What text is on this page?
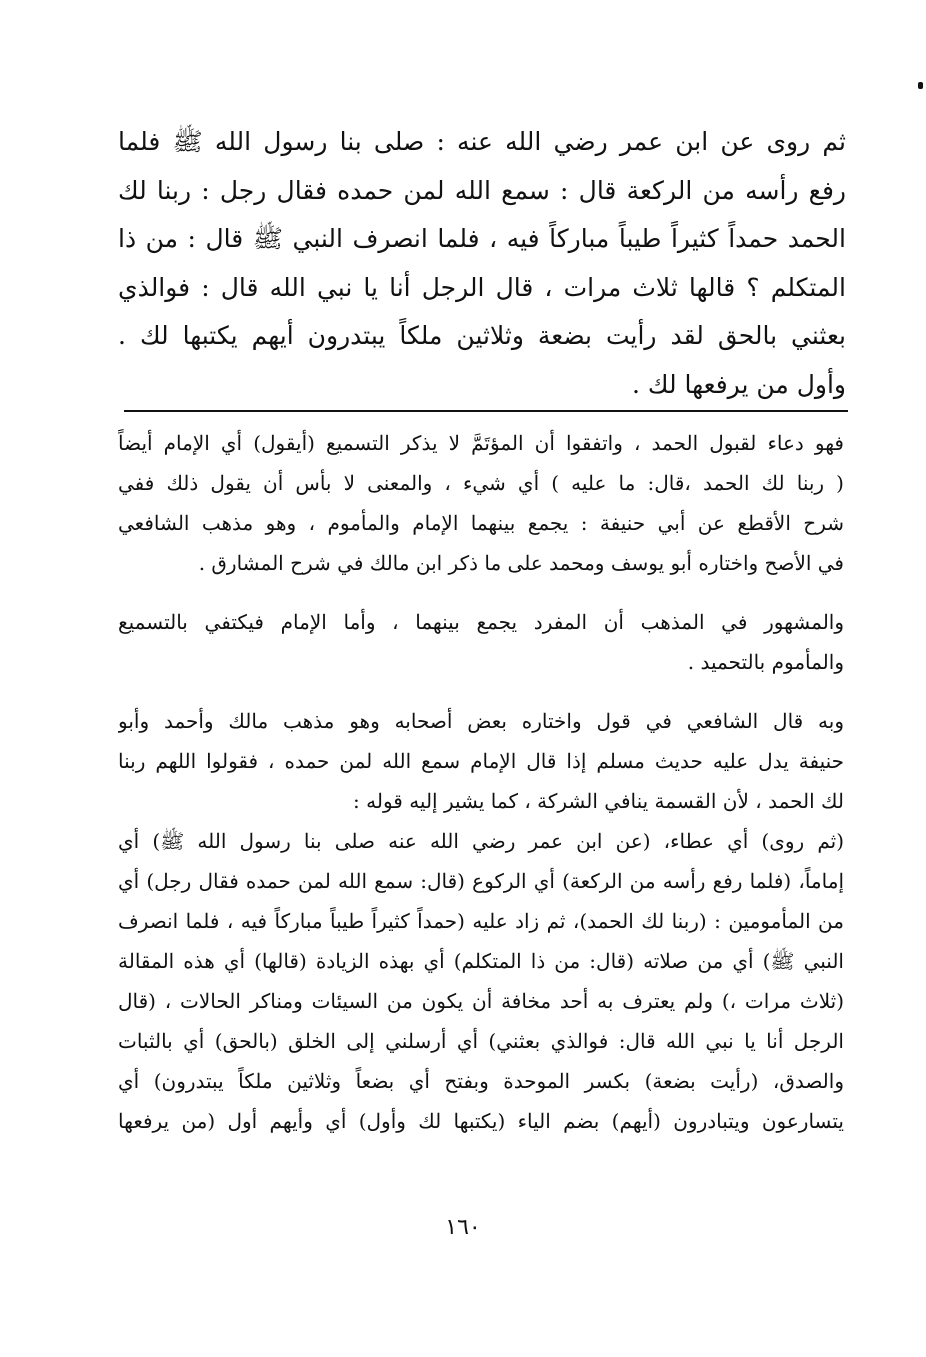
ثم روى عن ابن عمر رضي الله عنه : صلى بنا رسول الله ﷺ فلما
رفع رأسه من الركعة قال : سمع الله لمن حمده فقال رجل : ربنا لك
الحمد حمداً كثيراً طيباً مباركاً فيه ، فلما انصرف النبي ﷺ قال : من ذا
المتكلم ؟ قالها ثلاث مرات ، قال الرجل أنا يا نبي الله قال : فوالذي
بعثني بالحق لقد رأيت بضعة وثلاثين ملكاً يبتدرون أيهم يكتبها لك .
وأول من يرفعها لك .
فهو دعاء لقبول الحمد ، واتفقوا أن المؤتَمَّ لا يذكر التسميع (أيقول) أي الإمام أيضاً
( ربنا لك الحمد ،قال: ما عليه ) أي شيء ، والمعنى لا بأس أن يقول ذلك ففي
شرح الأقطع عن أبي حنيفة : يجمع بينهما الإمام والمأموم ، وهو مذهب الشافعي
في الأصح واختاره أبو يوسف ومحمد على ما ذكر ابن مالك في شرح المشارق .
والمشهور في المذهب أن المفرد يجمع بينهما ، وأما الإمام فيكتفي بالتسميع
والمأموم بالتحميد .
وبه قال الشافعي في قول واختاره بعض أصحابه وهو مذهب مالك وأحمد وأبو
حنيفة يدل عليه حديث مسلم إذا قال الإمام سمع الله لمن حمده ، فقولوا اللهم ربنا
لك الحمد ، لأن القسمة ينافي الشركة ، كما يشير إليه قوله :
(ثم روى) أي عطاء، (عن ابن عمر رضي الله عنه صلى بنا رسول الله ﷺ) أي
إماماً، (فلما رفع رأسه من الركعة) أي الركوع (قال: سمع الله لمن حمده فقال رجل) أي
من المأمومين : (ربنا لك الحمد)، ثم زاد عليه (حمداً كثيراً طيباً مباركاً فيه ، فلما انصرف
النبي ﷺ) أي من صلاته (قال: من ذا المتكلم) أي بهذه الزيادة (قالها) أي هذه المقالة
(ثلاث مرات ،) ولم يعترف به أحد مخافة أن يكون من السيئات ومناكر الحالات ، (قال
الرجل أنا يا نبي الله قال: فوالذي بعثني) أي أرسلني إلى الخلق (بالحق) أي بالثبات
والصدق، (رأيت بضعة) بكسر الموحدة وبفتح أي بضعاً وثلاثين ملكاً يبتدرون) أي
يتسارعون ويتبادرون (أيهم) بضم الياء (يكتبها لك وأول) أي وأيهم أول (من يرفعها
١٦٠
